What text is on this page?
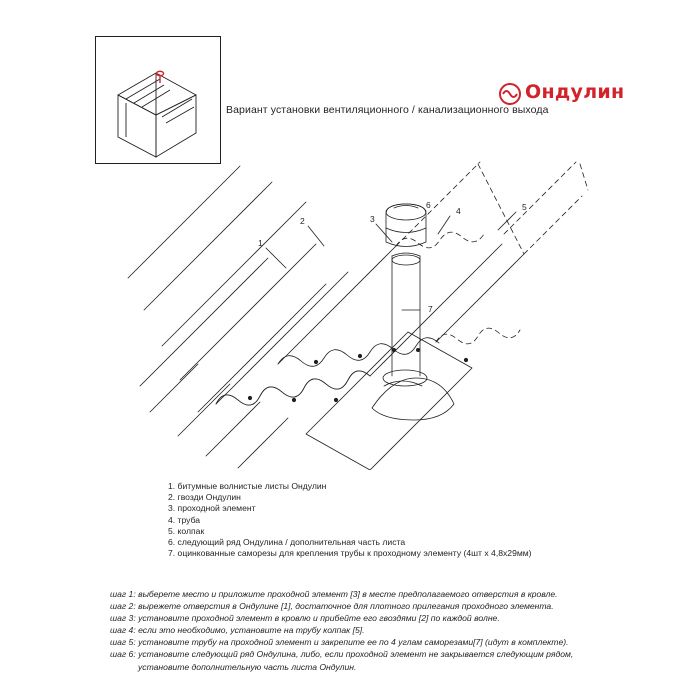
Вариант установки вентиляционного / канализационного выхода
Ондулин
1
2	3
4	5
6
7
1. битумные волнистые листы Ондулин
2. гвозди Ондулин
3. проходной элемент
4. труба
5. колпак
6. следующий ряд Ондулина / дополнительная часть листа
7. оцинкованные саморезы для крепления трубы к проходному элементу (4шт х 4,8х29мм)
шаг 1: выберете место и приложите проходной элемент [3] в месте предполагаемого отверстия в кровле.
шаг 2: вырежете отверстия в Ондулине [1], достаточное для плотного прилегания проходного элемента.
шаг 3: установите проходной элемент в кровлю и прибейте его гвоздями [2] по каждой волне.
шаг 4: если это необходимо, установите на трубу колпак [5].
шаг 5: установите трубу на проходной элемент и закрепите ее по 4 углам саморезами[7] (идут в комплекте).
шаг 6: установите следующий ряд Ондулина, либо, если проходной элемент не закрывается следующим рядом,
установите дополнительную часть листа Ондулин.
